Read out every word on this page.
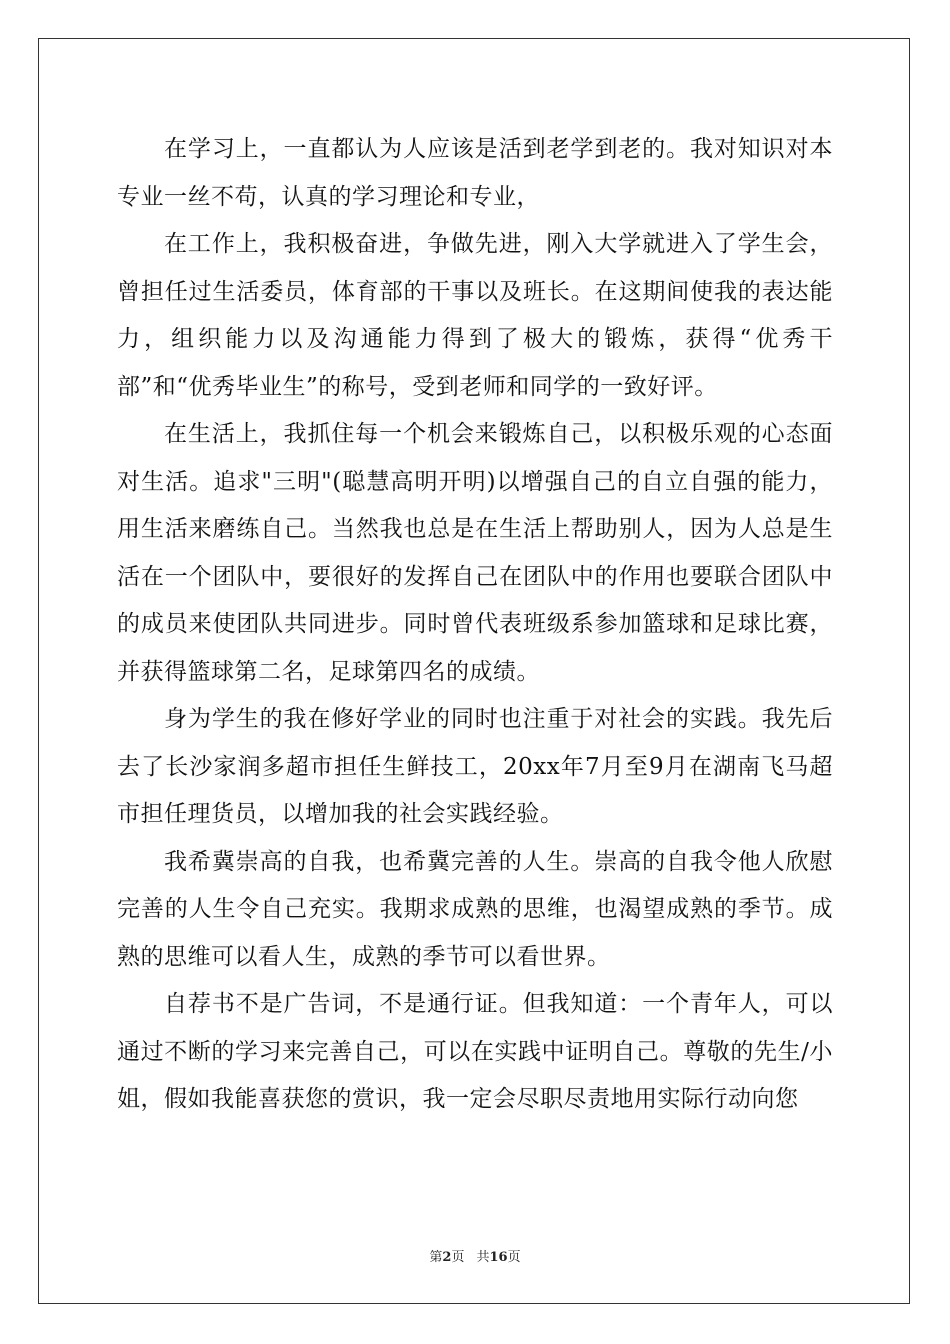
在学习上，一直都认为人应该是活到老学到老的。我对知识对本专业一丝不苟，认真的学习理论和专业，

在工作上，我积极奋进，争做先进，刚入大学就进入了学生会，曾担任过生活委员，体育部的干事以及班长。在这期间使我的表达能力，组织能力以及沟通能力得到了极大的锻炼，获得“优秀干部”和“优秀毕业生”的称号，受到老师和同学的一致好评。

在生活上，我抓住每一个机会来锻炼自己，以积极乐观的心态面对生活。追求"三明"(聪慧高明开明)以增强自己的自立自强的能力，用生活来磨练自己。当然我也总是在生活上帮助别人，因为人总是生活在一个团队中，要很好的发挥自己在团队中的作用也要联合团队中的成员来使团队共同进步。同时曾代表班级系参加篮球和足球比赛，并获得篮球第二名，足球第四名的成绩。

身为学生的我在修好学业的同时也注重于对社会的实践。我先后去了长沙家润多超市担任生鲜技工，20xx年7月至9月在湖南飞马超市担任理货员，以增加我的社会实践经验。

我希冀崇高的自我，也希冀完善的人生。崇高的自我令他人欣慰完善的人生令自己充实。我期求成熟的思维，也渴望成熟的季节。成熟的思维可以看人生，成熟的季节可以看世界。

自荐书不是广告词，不是通行证。但我知道：一个青年人，可以通过不断的学习来完善自己，可以在实践中证明自己。尊敬的先生/小姐，假如我能喜获您的赏识，我一定会尽职尽责地用实际行动向您

第2页 共16页
